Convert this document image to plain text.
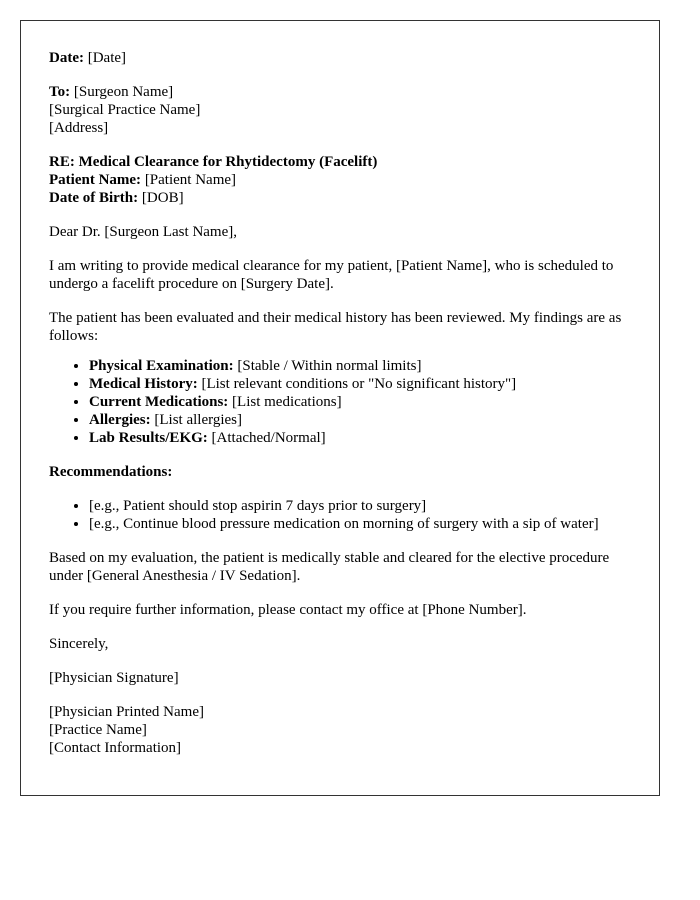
Date: [Date]

To: [Surgeon Name]
[Surgical Practice Name]
[Address]

RE: Medical Clearance for Rhytidectomy (Facelift)
Patient Name: [Patient Name]
Date of Birth: [DOB]

Dear Dr. [Surgeon Last Name],

I am writing to provide medical clearance for my patient, [Patient Name], who is scheduled to undergo a facelift procedure on [Surgery Date].

The patient has been evaluated and their medical history has been reviewed. My findings are as follows:

• Physical Examination: [Stable / Within normal limits]
• Medical History: [List relevant conditions or "No significant history"]
• Current Medications: [List medications]
• Allergies: [List allergies]
• Lab Results/EKG: [Attached/Normal]

Recommendations:

• [e.g., Patient should stop aspirin 7 days prior to surgery]
• [e.g., Continue blood pressure medication on morning of surgery with a sip of water]

Based on my evaluation, the patient is medically stable and cleared for the elective procedure under [General Anesthesia / IV Sedation].

If you require further information, please contact my office at [Phone Number].

Sincerely,

[Physician Signature]

[Physician Printed Name]
[Practice Name]
[Contact Information]
